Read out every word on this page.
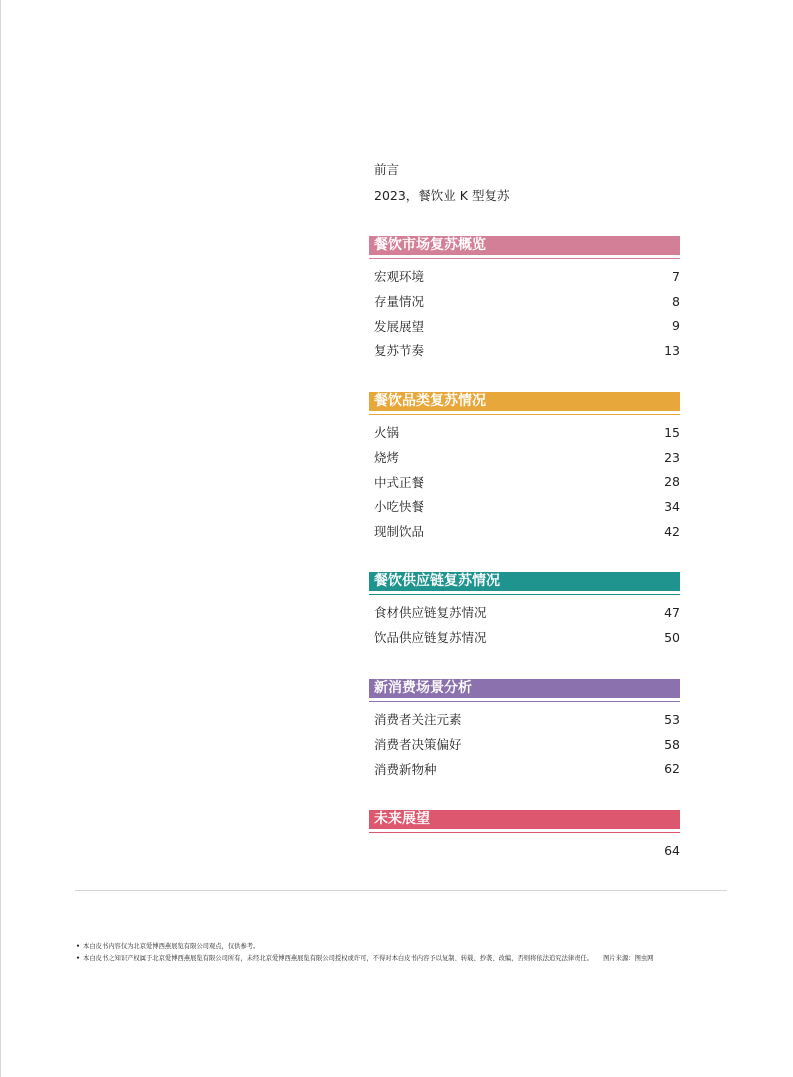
前言
2023，餐饮业 K 型复苏
餐饮市场复苏概览
宏观环境	7
存量情况	8
发展展望	9
复苏节奏	13
餐饮品类复苏情况
火锅	15
烧烤	23
中式正餐	28
小吃快餐	34
现制饮品	42
餐饮供应链复苏情况
食材供应链复苏情况	47
饮品供应链复苏情况	50
新消费场景分析
消费者关注元素	53
消费者决策偏好	58
消费新物种	62
未来展望
64
• 本白皮书内容仅为北京爱博西燕展览有限公司观点，仅供参考。
• 本白皮书之知识产权属于北京爱博西燕展览有限公司所有，未经北京爱博西燕展览有限公司授权或许可，不得对本白皮书内容予以复制、转载、抄袭、改编，否则将依法追究法律责任。 图片来源：图虫网
